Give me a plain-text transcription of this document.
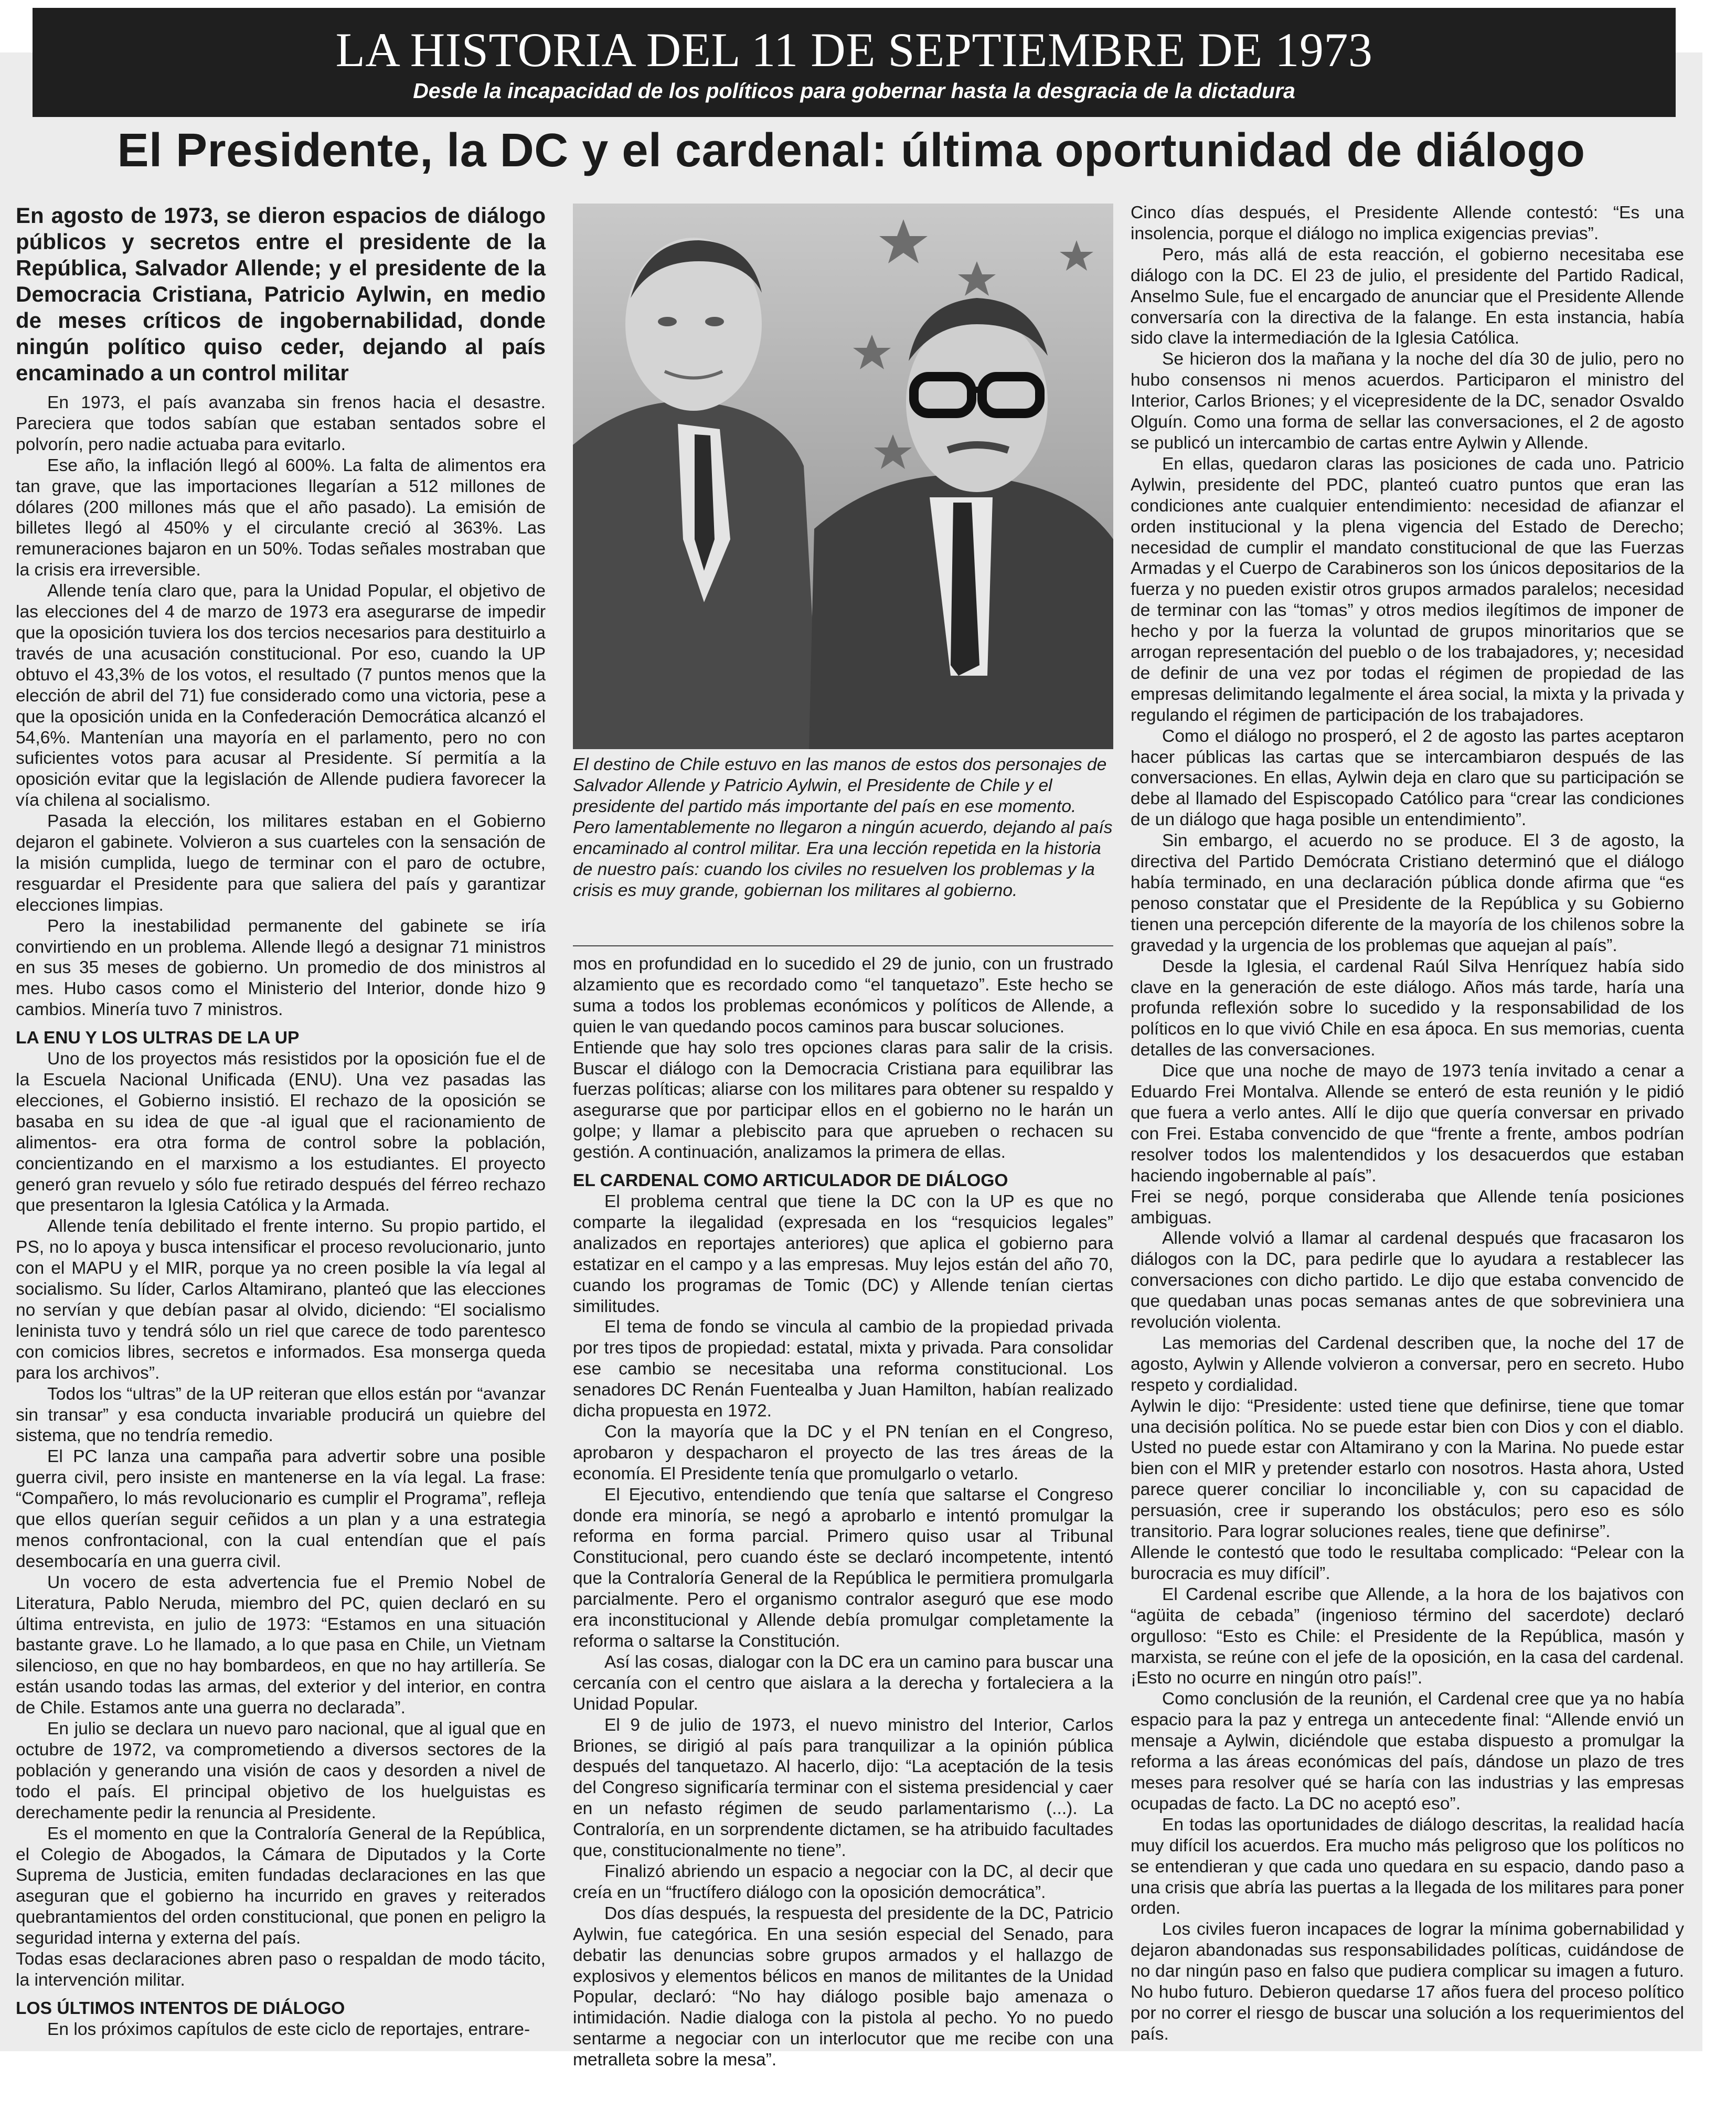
LA HISTORIA DEL 11 DE SEPTIEMBRE DE 1973
Desde la incapacidad de los políticos para gobernar hasta la desgracia de la dictadura
El Presidente, la DC y el cardenal: última oportunidad de diálogo

En agosto de 1973, se dieron espacios de diálogo públicos y secretos entre el presidente de la República, Salvador Allende; y el presidente de la Democracia Cristiana, Patricio Aylwin, en medio de meses críticos de ingobernabilidad, donde ningún político quiso ceder, dejando al país encaminado a un control militar

En 1973, el país avanzaba sin frenos hacia el desastre. Pareciera que todos sabían que estaban sentados sobre el polvorín, pero nadie actuaba para evitarlo.

Ese año, la inflación llegó al 600%. La falta de alimentos era tan grave, que las importaciones llegarían a 512 millones de dólares (200 millones más que el año pasado). La emisión de billetes llegó al 450% y el circulante creció al 363%. Las remuneraciones bajaron en un 50%. Todas señales mostraban que la crisis era irreversible.

Allende tenía claro que, para la Unidad Popular, el objetivo de las elecciones del 4 de marzo de 1973 era asegurarse de impedir que la oposición tuviera los dos tercios necesarios para destituirlo a través de una acusación constitucional. Por eso, cuando la UP obtuvo el 43,3% de los votos, el resultado (7 puntos menos que la elección de abril del 71) fue considerado como una victoria, pese a que la oposición unida en la Confederación Democrática alcanzó el 54,6%. Mantenían una mayoría en el parlamento, pero no con suficientes votos para acusar al Presidente. Sí permitía a la oposición evitar que la legislación de Allende pudiera favorecer la vía chilena al socialismo.

Pasada la elección, los militares estaban en el Gobierno dejaron el gabinete. Volvieron a sus cuarteles con la sensación de la misión cumplida, luego de terminar con el paro de octubre, resguardar el Presidente para que saliera del país y garantizar elecciones limpias.

Pero la inestabilidad permanente del gabinete se iría convirtiendo en un problema. Allende llegó a designar 71 ministros en sus 35 meses de gobierno. Un promedio de dos ministros al mes. Hubo casos como el Ministerio del Interior, donde hizo 9 cambios. Minería tuvo 7 ministros.

LA ENU Y LOS ULTRAS DE LA UP

Uno de los proyectos más resistidos por la oposición fue el de la Escuela Nacional Unificada (ENU). Una vez pasadas las elecciones, el Gobierno insistió. El rechazo de la oposición se basaba en su idea de que -al igual que el racionamiento de alimentos- era otra forma de control sobre la población, concientizando en el marxismo a los estudiantes. El proyecto generó gran revuelo y sólo fue retirado después del férreo rechazo que presentaron la Iglesia Católica y la Armada.

Allende tenía debilitado el frente interno. Su propio partido, el PS, no lo apoya y busca intensificar el proceso revolucionario, junto con el MAPU y el MIR, porque ya no creen posible la vía legal al socialismo. Su líder, Carlos Altamirano, planteó que las elecciones no servían y que debían pasar al olvido, diciendo: “El socialismo leninista tuvo y tendrá sólo un riel que carece de todo parentesco con comicios libres, secretos e informados. Esa monserga queda para los archivos”.

Todos los “ultras” de la UP reiteran que ellos están por “avanzar sin transar” y esa conducta invariable producirá un quiebre del sistema, que no tendría remedio.

El PC lanza una campaña para advertir sobre una posible guerra civil, pero insiste en mantenerse en la vía legal. La frase: “Compañero, lo más revolucionario es cumplir el Programa”, refleja que ellos querían seguir ceñidos a un plan y a una estrategia menos confrontacional, con la cual entendían que el país desembocaría en una guerra civil.

Un vocero de esta advertencia fue el Premio Nobel de Literatura, Pablo Neruda, miembro del PC, quien declaró en su última entrevista, en julio de 1973: “Estamos en una situación bastante grave. Lo he llamado, a lo que pasa en Chile, un Vietnam silencioso, en que no hay bombardeos, en que no hay artillería. Se están usando todas las armas, del exterior y del interior, en contra de Chile. Estamos ante una guerra no declarada”.

En julio se declara un nuevo paro nacional, que al igual que en octubre de 1972, va comprometiendo a diversos sectores de la población y generando una visión de caos y desorden a nivel de todo el país. El principal objetivo de los huelguistas es derechamente pedir la renuncia al Presidente.

Es el momento en que la Contraloría General de la República, el Colegio de Abogados, la Cámara de Diputados y la Corte Suprema de Justicia, emiten fundadas declaraciones en las que aseguran que el gobierno ha incurrido en graves y reiterados quebrantamientos del orden constitucional, que ponen en peligro la seguridad interna y externa del país.

Todas esas declaraciones abren paso o respaldan de modo tácito, la intervención militar.

LOS ÚLTIMOS INTENTOS DE DIÁLOGO

En los próximos capítulos de este ciclo de reportajes, entrare-

El destino de Chile estuvo en las manos de estos dos personajes de Salvador Allende y Patricio Aylwin, el Presidente de Chile y el presidente del partido más importante del país en ese momento. Pero lamentablemente no llegaron a ningún acuerdo, dejando al país encaminado al control militar. Era una lección repetida en la historia de nuestro país: cuando los civiles no resuelven los problemas y la crisis es muy grande, gobiernan los militares al gobierno.

mos en profundidad en lo sucedido el 29 de junio, con un frustrado alzamiento que es recordado como “el tanquetazo”. Este hecho se suma a todos los problemas económicos y políticos de Allende, a quien le van quedando pocos caminos para buscar soluciones.

Entiende que hay solo tres opciones claras para salir de la crisis. Buscar el diálogo con la Democracia Cristiana para equilibrar las fuerzas políticas; aliarse con los militares para obtener su respaldo y asegurarse que por participar ellos en el gobierno no le harán un golpe; y llamar a plebiscito para que aprueben o rechacen su gestión. A continuación, analizamos la primera de ellas.

EL CARDENAL COMO ARTICULADOR DE DIÁLOGO

El problema central que tiene la DC con la UP es que no comparte la ilegalidad (expresada en los “resquicios legales” analizados en reportajes anteriores) que aplica el gobierno para estatizar en el campo y a las empresas. Muy lejos están del año 70, cuando los programas de Tomic (DC) y Allende tenían ciertas similitudes.

El tema de fondo se vincula al cambio de la propiedad privada por tres tipos de propiedad: estatal, mixta y privada. Para consolidar ese cambio se necesitaba una reforma constitucional. Los senadores DC Renán Fuentealba y Juan Hamilton, habían realizado dicha propuesta en 1972.

Con la mayoría que la DC y el PN tenían en el Congreso, aprobaron y despacharon el proyecto de las tres áreas de la economía. El Presidente tenía que promulgarlo o vetarlo.

El Ejecutivo, entendiendo que tenía que saltarse el Congreso donde era minoría, se negó a aprobarlo e intentó promulgar la reforma en forma parcial. Primero quiso usar al Tribunal Constitucional, pero cuando éste se declaró incompetente, intentó que la Contraloría General de la República le permitiera promulgarla parcialmente. Pero el organismo contralor aseguró que ese modo era inconstitucional y Allende debía promulgar completamente la reforma o saltarse la Constitución.

Así las cosas, dialogar con la DC era un camino para buscar una cercanía con el centro que aislara a la derecha y fortaleciera a la Unidad Popular.

El 9 de julio de 1973, el nuevo ministro del Interior, Carlos Briones, se dirigió al país para tranquilizar a la opinión pública después del tanquetazo. Al hacerlo, dijo: “La aceptación de la tesis del Congreso significaría terminar con el sistema presidencial y caer en un nefasto régimen de seudo parlamentarismo (...). La Contraloría, en un sorprendente dictamen, se ha atribuido facultades que, constitucionalmente no tiene”.

Finalizó abriendo un espacio a negociar con la DC, al decir que creía en un “fructífero diálogo con la oposición democrática”.

Dos días después, la respuesta del presidente de la DC, Patricio Aylwin, fue categórica. En una sesión especial del Senado, para debatir las denuncias sobre grupos armados y el hallazgo de explosivos y elementos bélicos en manos de militantes de la Unidad Popular, declaró: “No hay diálogo posible bajo amenaza o intimidación. Nadie dialoga con la pistola al pecho. Yo no puedo sentarme a negociar con un interlocutor que me recibe con una metralleta sobre la mesa”.

Cinco días después, el Presidente Allende contestó: “Es una insolencia, porque el diálogo no implica exigencias previas”.

Pero, más allá de esta reacción, el gobierno necesitaba ese diálogo con la DC. El 23 de julio, el presidente del Partido Radical, Anselmo Sule, fue el encargado de anunciar que el Presidente Allende conversaría con la directiva de la falange. En esta instancia, había sido clave la intermediación de la Iglesia Católica.

Se hicieron dos la mañana y la noche del día 30 de julio, pero no hubo consensos ni menos acuerdos. Participaron el ministro del Interior, Carlos Briones; y el vicepresidente de la DC, senador Osvaldo Olguín. Como una forma de sellar las conversaciones, el 2 de agosto se publicó un intercambio de cartas entre Aylwin y Allende.

En ellas, quedaron claras las posiciones de cada uno. Patricio Aylwin, presidente del PDC, planteó cuatro puntos que eran las condiciones ante cualquier entendimiento: necesidad de afianzar el orden institucional y la plena vigencia del Estado de Derecho; necesidad de cumplir el mandato constitucional de que las Fuerzas Armadas y el Cuerpo de Carabineros son los únicos depositarios de la fuerza y no pueden existir otros grupos armados paralelos; necesidad de terminar con las “tomas” y otros medios ilegítimos de imponer de hecho y por la fuerza la voluntad de grupos minoritarios que se arrogan representación del pueblo o de los trabajadores, y; necesidad de definir de una vez por todas el régimen de propiedad de las empresas delimitando legalmente el área social, la mixta y la privada y regulando el régimen de participación de los trabajadores.

Como el diálogo no prosperó, el 2 de agosto las partes aceptaron hacer públicas las cartas que se intercambiaron después de las conversaciones. En ellas, Aylwin deja en claro que su participación se debe al llamado del Espiscopado Católico para “crear las condiciones de un diálogo que haga posible un entendimiento”.

Sin embargo, el acuerdo no se produce. El 3 de agosto, la directiva del Partido Demócrata Cristiano determinó que el diálogo había terminado, en una declaración pública donde afirma que “es penoso constatar que el Presidente de la República y su Gobierno tienen una percepción diferente de la mayoría de los chilenos sobre la gravedad y la urgencia de los problemas que aquejan al país”.

Desde la Iglesia, el cardenal Raúl Silva Henríquez había sido clave en la generación de este diálogo. Años más tarde, haría una profunda reflexión sobre lo sucedido y la responsabilidad de los políticos en lo que vivió Chile en esa ápoca. En sus memorias, cuenta detalles de las conversaciones.

Dice que una noche de mayo de 1973 tenía invitado a cenar a Eduardo Frei Montalva. Allende se enteró de esta reunión y le pidió que fuera a verlo antes. Allí le dijo que quería conversar en privado con Frei. Estaba convencido de que “frente a frente, ambos podrían resolver todos los malentendidos y los desacuerdos que estaban haciendo ingobernable al país”.

Frei se negó, porque consideraba que Allende tenía posiciones ambiguas.

Allende volvió a llamar al cardenal después que fracasaron los diálogos con la DC, para pedirle que lo ayudara a restablecer las conversaciones con dicho partido. Le dijo que estaba convencido de que quedaban unas pocas semanas antes de que sobreviniera una revolución violenta.

Las memorias del Cardenal describen que, la noche del 17 de agosto, Aylwin y Allende volvieron a conversar, pero en secreto. Hubo respeto y cordialidad.

Aylwin le dijo: “Presidente: usted tiene que definirse, tiene que tomar una decisión política. No se puede estar bien con Dios y con el diablo. Usted no puede estar con Altamirano y con la Marina. No puede estar bien con el MIR y pretender estarlo con nosotros. Hasta ahora, Usted parece querer conciliar lo inconciliable y, con su capacidad de persuasión, cree ir superando los obstáculos; pero eso es sólo transitorio. Para lograr soluciones reales, tiene que definirse”.

Allende le contestó que todo le resultaba complicado: “Pelear con la burocracia es muy difícil”.

El Cardenal escribe que Allende, a la hora de los bajativos con “agüita de cebada” (ingenioso término del sacerdote) declaró orgulloso: “Esto es Chile: el Presidente de la República, masón y marxista, se reúne con el jefe de la oposición, en la casa del cardenal. ¡Esto no ocurre en ningún otro país!”.

Como conclusión de la reunión, el Cardenal cree que ya no había espacio para la paz y entrega un antecedente final: “Allende envió un mensaje a Aylwin, diciéndole que estaba dispuesto a promulgar la reforma a las áreas económicas del país, dándose un plazo de tres meses para resolver qué se haría con las industrias y las empresas ocupadas de facto. La DC no aceptó eso”.

En todas las oportunidades de diálogo descritas, la realidad hacía muy difícil los acuerdos. Era mucho más peligroso que los políticos no se entendieran y que cada uno quedara en su espacio, dando paso a una crisis que abría las puertas a la llegada de los militares para poner orden.

Los civiles fueron incapaces de lograr la mínima gobernabilidad y dejaron abandonadas sus responsabilidades políticas, cuidándose de no dar ningún paso en falso que pudiera complicar su imagen a futuro. No hubo futuro. Debieron quedarse 17 años fuera del proceso político por no correr el riesgo de buscar una solución a los requerimientos del país.
